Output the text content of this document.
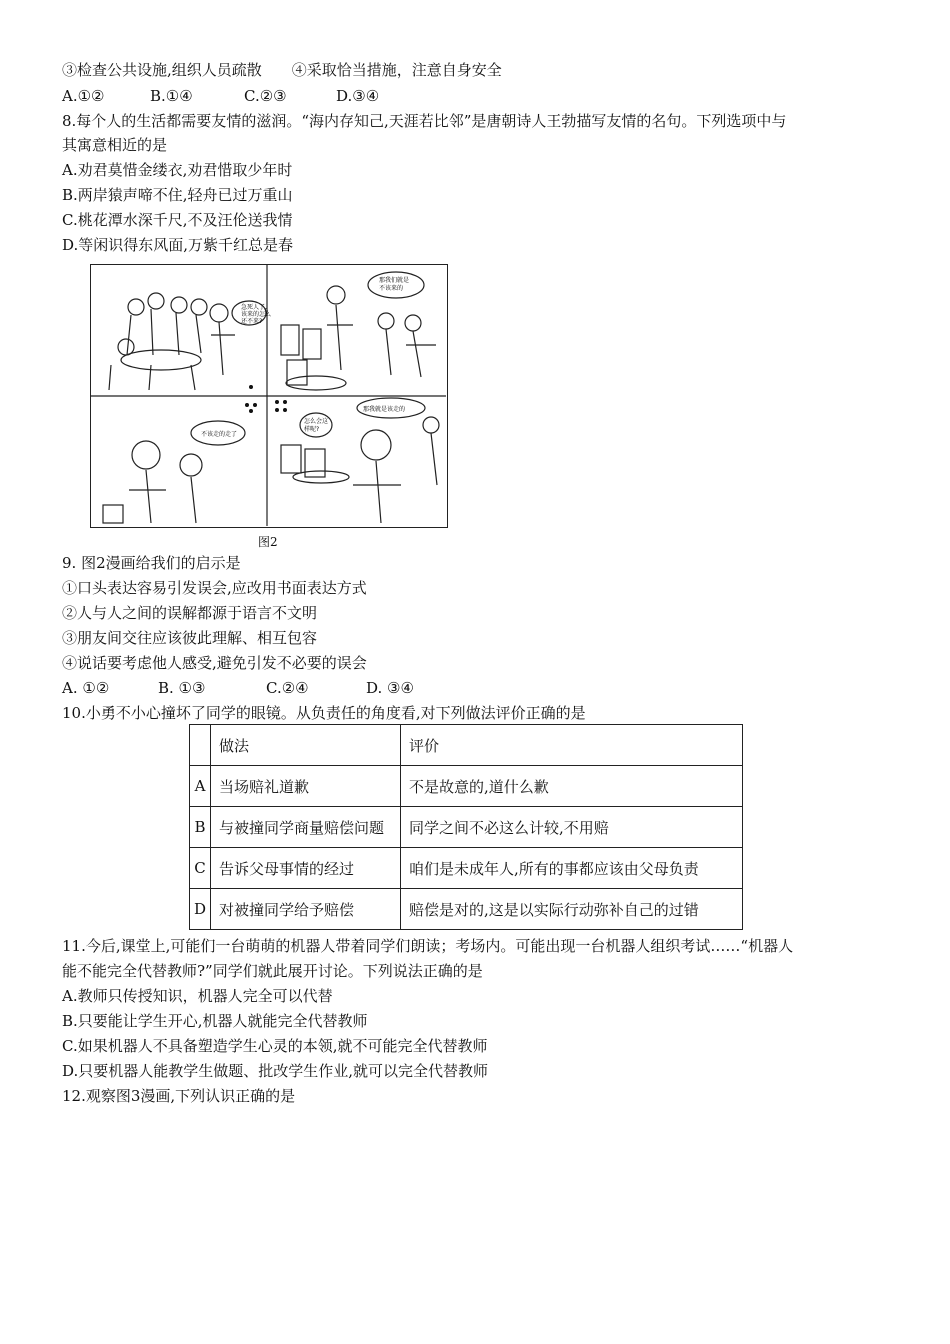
③检查公共设施,组织人员疏散　　④采取恰当措施，注意自身安全
A.①②	B.①④	C.②③	D.③④
8.每个人的生活都需要友情的滋润。“海内存知己,天涯若比邻”是唐朝诗人王勃描写友情的名句。下列选项中与
其寓意相近的是
A.劝君莫惜金缕衣,劝君惜取少年时
B.两岸猿声啼不住,轻舟已过万重山
C.桃花潭水深千尺,不及汪伦送我情
D.等闲识得东风面,万紫千红总是春
急死人了,
该来的怎么
还不来?
那我们就是
不该来的
不该走的走了
怎么会这
样呢?
那我就是该走的
图2
9. 图2漫画给我们的启示是
①口头表达容易引发误会,应改用书面表达方式
②人与人之间的误解都源于语言不文明
③朋友间交往应该彼此理解、相互包容
④说话要考虑他人感受,避免引发不必要的误会
A. ①②	B. ①③	C.②④	D. ③④
10.小勇不小心撞坏了同学的眼镜。从负责任的角度看,对下列做法评价正确的是
	做法	评价
A	当场赔礼道歉	不是故意的,道什么歉
B	与被撞同学商量赔偿问题	同学之间不必这么计较,不用赔
C	告诉父母事情的经过	咱们是未成年人,所有的事都应该由父母负责
D	对被撞同学给予赔偿	赔偿是对的,这是以实际行动弥补自己的过错
11.今后,课堂上,可能们一台萌萌的机器人带着同学们朗读；考场内。可能出现一台机器人组织考试……“机器人
能不能完全代替教师?”同学们就此展开讨论。下列说法正确的是
A.教师只传授知识，机器人完全可以代替
B.只要能让学生开心,机器人就能完全代替教师
C.如果机器人不具备塑造学生心灵的本领,就不可能完全代替教师
D.只要机器人能教学生做题、批改学生作业,就可以完全代替教师
12.观察图3漫画,下列认识正确的是
